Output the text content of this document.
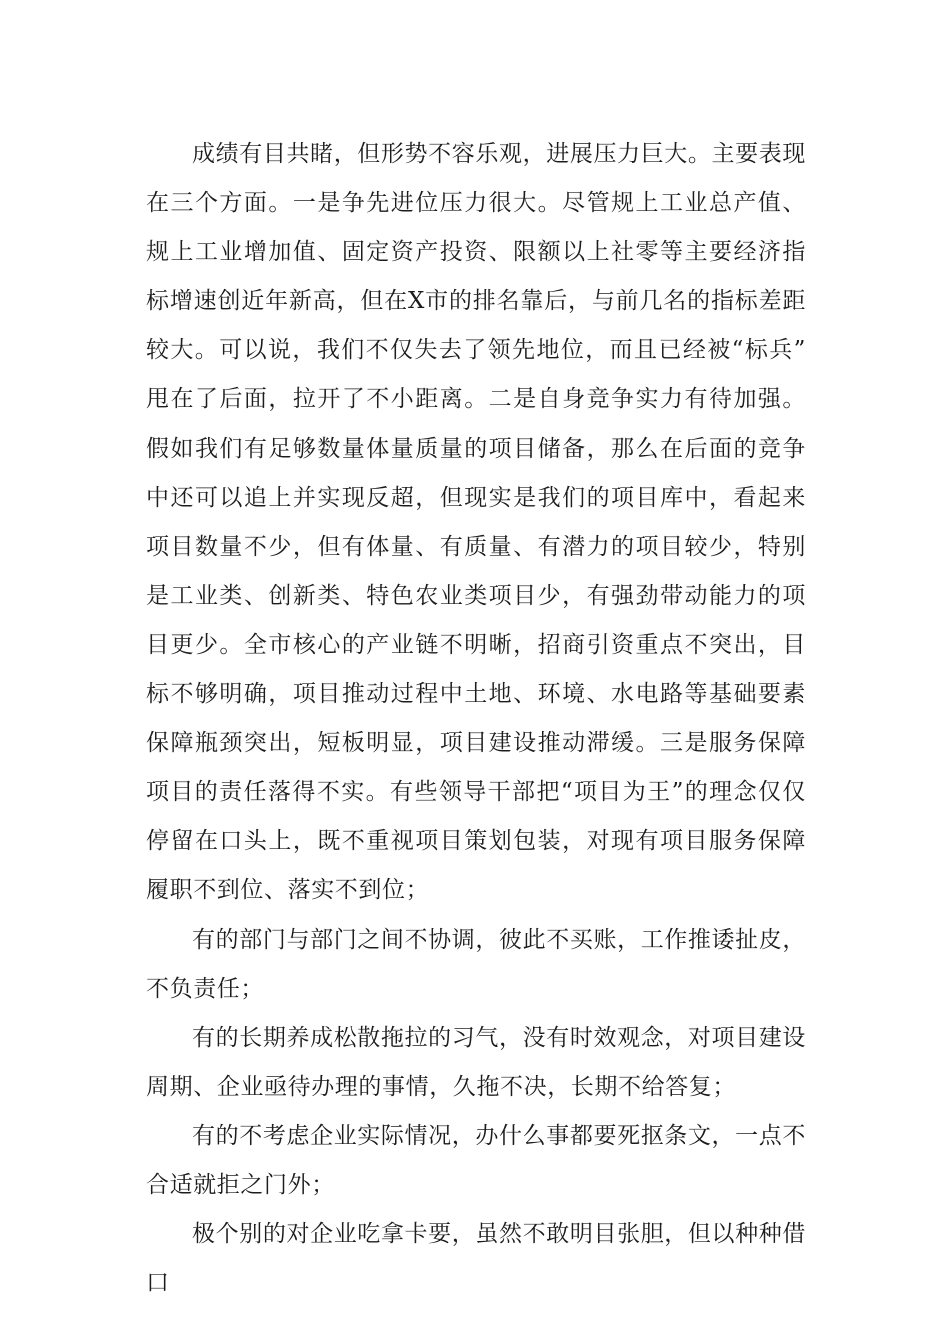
成绩有目共睹，但形势不容乐观，进展压力巨大。主要表现在三个方面。一是争先进位压力很大。尽管规上工业总产值、规上工业增加值、固定资产投资、限额以上社零等主要经济指标增速创近年新高，但在X市的排名靠后，与前几名的指标差距较大。可以说，我们不仅失去了领先地位，而且已经被“标兵”甩在了后面，拉开了不小距离。二是自身竞争实力有待加强。假如我们有足够数量体量质量的项目储备，那么在后面的竞争中还可以追上并实现反超，但现实是我们的项目库中，看起来项目数量不少，但有体量、有质量、有潜力的项目较少，特别是工业类、创新类、特色农业类项目少，有强劲带动能力的项目更少。全市核心的产业链不明晰，招商引资重点不突出，目标不够明确，项目推动过程中土地、环境、水电路等基础要素保障瓶颈突出，短板明显，项目建设推动滞缓。三是服务保障项目的责任落得不实。有些领导干部把“项目为王”的理念仅仅停留在口头上，既不重视项目策划包装，对现有项目服务保障履职不到位、落实不到位；

有的部门与部门之间不协调，彼此不买账，工作推诿扯皮，不负责任；

有的长期养成松散拖拉的习气，没有时效观念，对项目建设周期、企业亟待办理的事情，久拖不决，长期不给答复；

有的不考虑企业实际情况，办什么事都要死抠条文，一点不合适就拒之门外；

极个别的对企业吃拿卡要，虽然不敢明目张胆，但以种种借口
